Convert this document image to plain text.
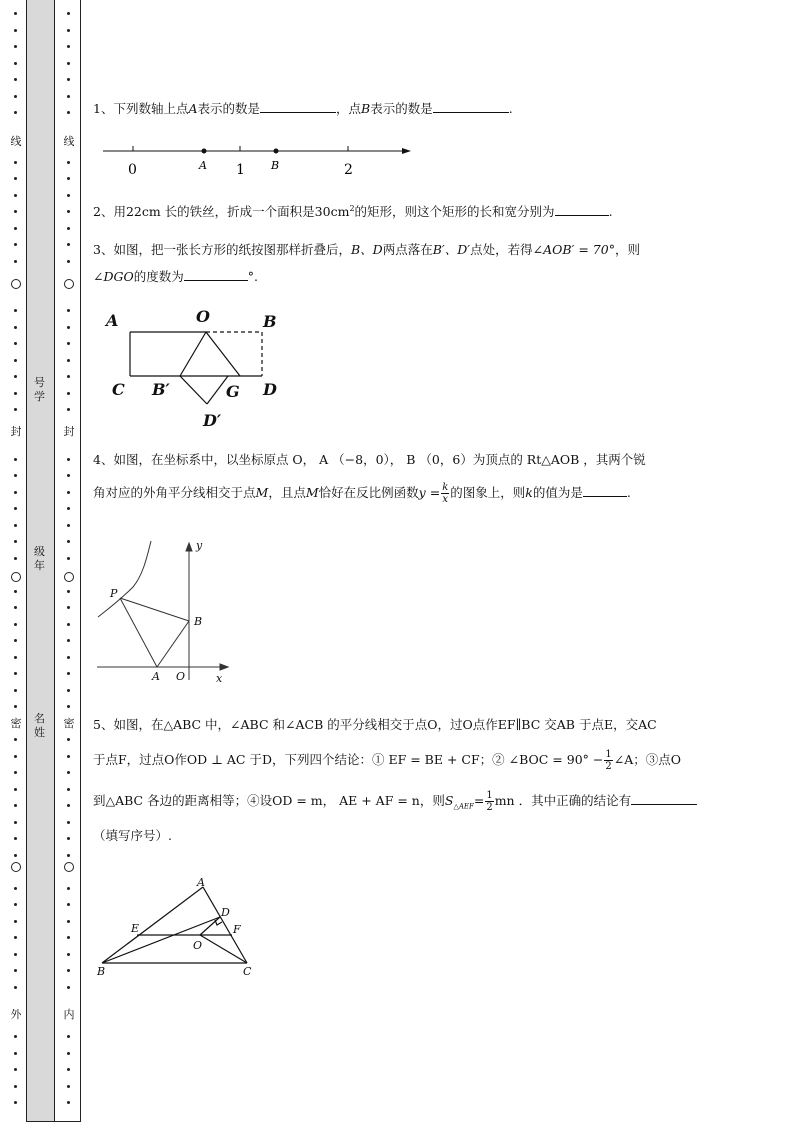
线
封
密
外
线
封
密
内
号
学
级
年
名
姓
1、下列数轴上点A表示的数是	，点B表示的数是	.
0	A 1 B	2
2、用22cm 长的铁丝，折成一个面积是$30cm^2$的矩形，则这个矩形的长和宽分别为	.
3、如图，把一张长方形的纸按图那样折叠后，B、D两点落在B′、D′点处，若得∠AOB′ = 70°，则
∠DGO的度数为	°.
A	O	B
C B′	G D
D′
4、如图，在坐标系中，以坐标原点 O， A （−8，0）， B （0，6）为顶点的 Rt△AOB ，其两个锐
角对应的外角平分线相交于点M，且点M恰好在反比例函数$y = \frac{k}{x}$ 的图象上，则k的值为是	.
y
x
P
B
A O
5、如图，在△ABC 中，∠ABC 和∠ACB 的平分线相交于点O，过O点作EF∥BC 交AB 于点E，交AC
于点F，过点O作OD ⊥ AC 于D，下列四个结论：① EF = BE + CF；② ∠BOC = $90^\circ - \frac{1}{2}$ ∠A；③点O
到△ABC 各边的距离相等；④设OD = m， AE + AF = n，则$S_{\triangle AEF}= \frac{1}{2}$ mn ．其中正确的结论有
（填写序号）.
A
D
E	F
O
B	C
